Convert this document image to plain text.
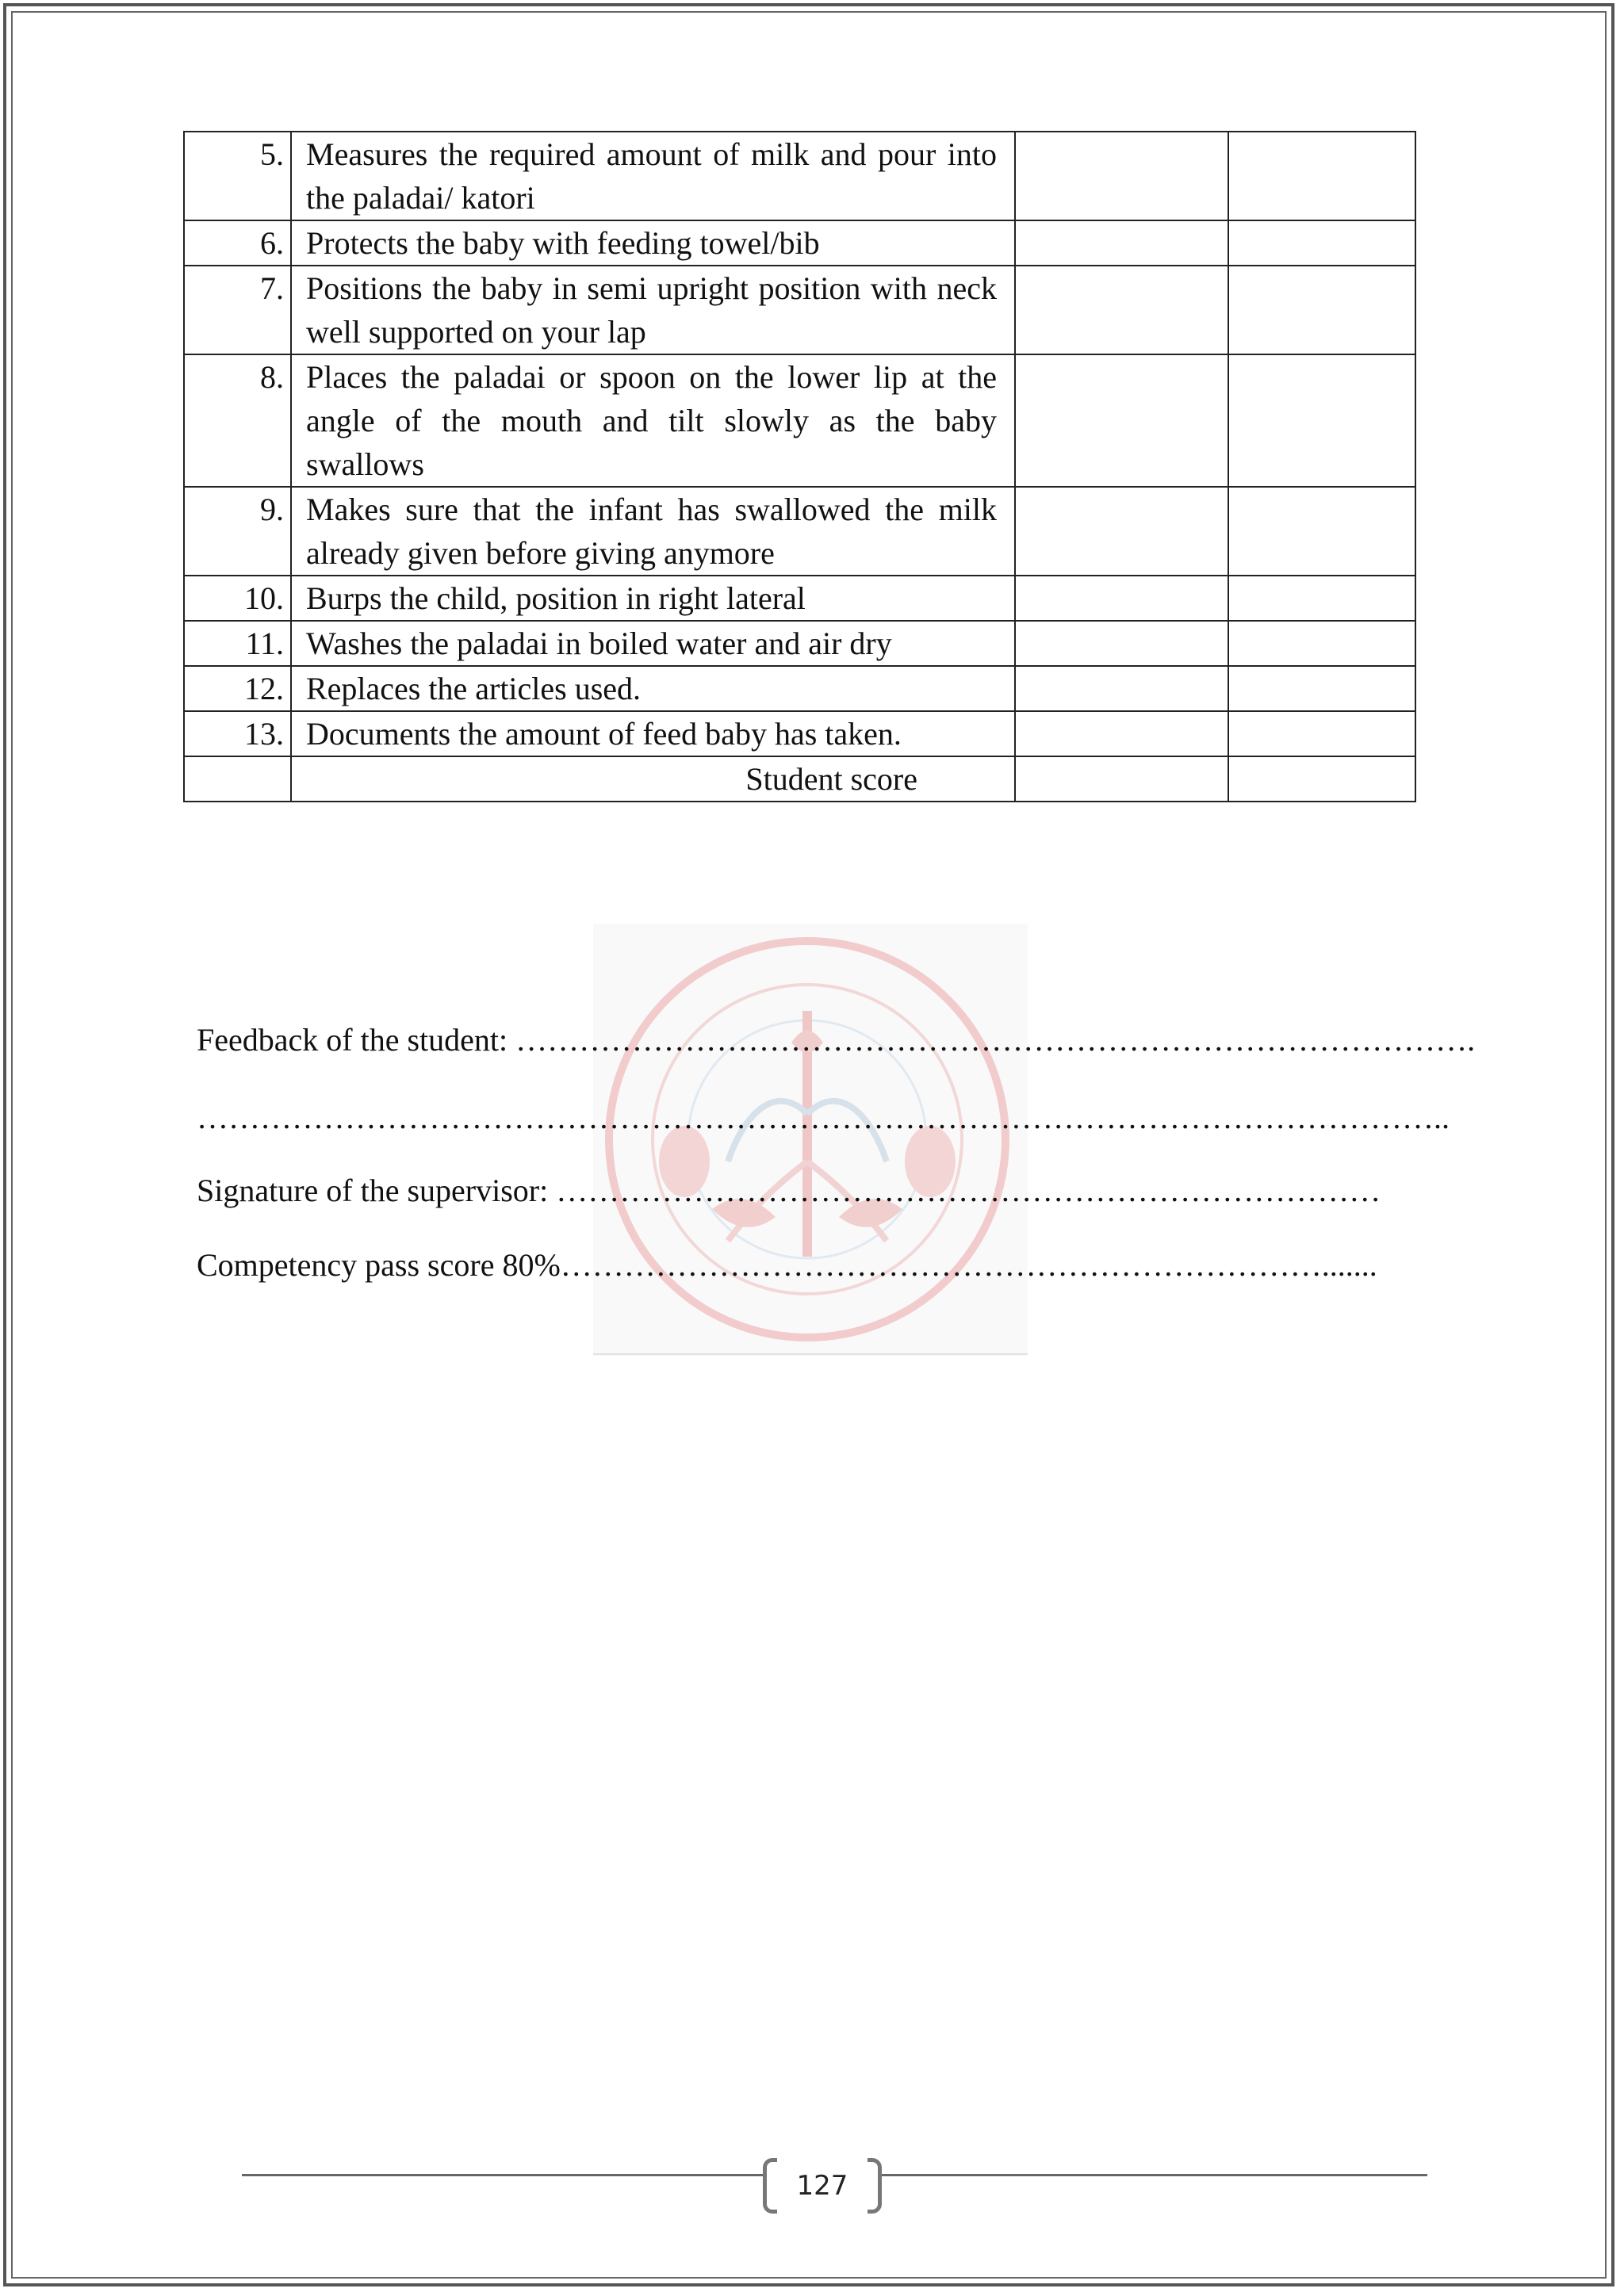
5.	Measures the required amount of milk and pour into the paladai/ katori		
6.	Protects the baby with feeding towel/bib		
7.	Positions the baby in semi upright position with neck well supported on your lap		
8.	Places the paladai or spoon on the lower lip at the angle of the mouth and tilt slowly as the baby swallows		
9.	Makes sure that the infant has swallowed the milk already given before giving anymore		
10.	Burps the child, position in right lateral		
11.	Washes the paladai in boiled water and air dry		
12.	Replaces the articles used.		
13.	Documents the amount of feed baby has taken.		
	Student score		
Feedback of the student: ……………………………………………………………………………….
………………………………………………………………………………………………………..
Signature of the supervisor: ……………………………………………………………………
Competency pass score 80%……………………………………………………………….......
127
